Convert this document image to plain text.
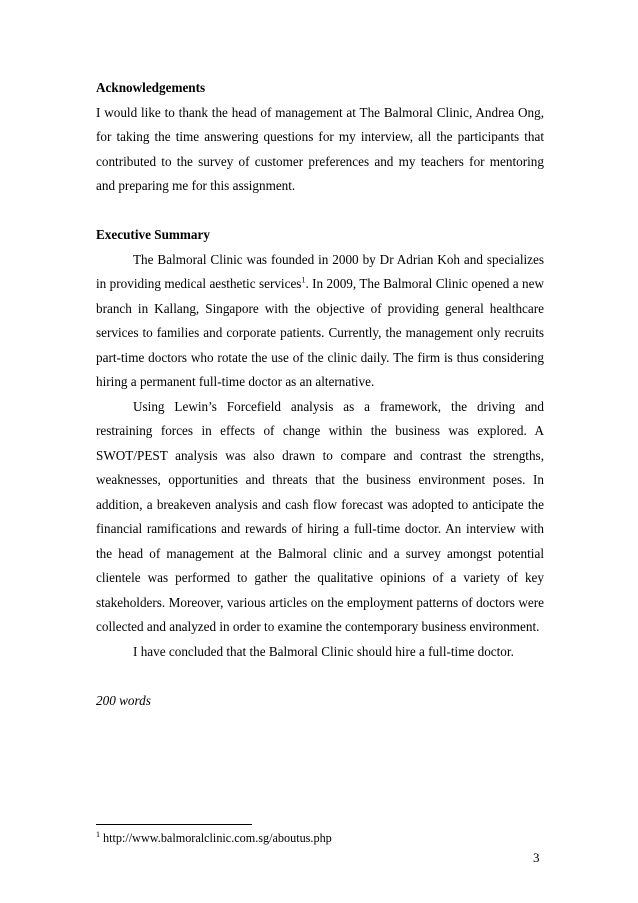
Acknowledgements

I would like to thank the head of management at The Balmoral Clinic, Andrea Ong, for taking the time answering questions for my interview, all the participants that contributed to the survey of customer preferences and my teachers for mentoring and preparing me for this assignment.

Executive Summary

The Balmoral Clinic was founded in 2000 by Dr Adrian Koh and specializes in providing medical aesthetic services$^1$. In 2009, The Balmoral Clinic opened a new branch in Kallang, Singapore with the objective of providing general healthcare services to families and corporate patients. Currently, the management only recruits part-time doctors who rotate the use of the clinic daily. The firm is thus considering hiring a permanent full-time doctor as an alternative.

Using Lewin’s Forcefield analysis as a framework, the driving and restraining forces in effects of change within the business was explored. A SWOT/PEST analysis was also drawn to compare and contrast the strengths, weaknesses, opportunities and threats that the business environment poses. In addition, a breakeven analysis and cash flow forecast was adopted to anticipate the financial ramifications and rewards of hiring a full-time doctor. An interview with the head of management at the Balmoral clinic and a survey amongst potential clientele was performed to gather the qualitative opinions of a variety of key stakeholders. Moreover, various articles on the employment patterns of doctors were collected and analyzed in order to examine the contemporary business environment.

I have concluded that the Balmoral Clinic should hire a full-time doctor.

200 words

$^1$ http://www.balmoralclinic.com.sg/aboutus.php
3
